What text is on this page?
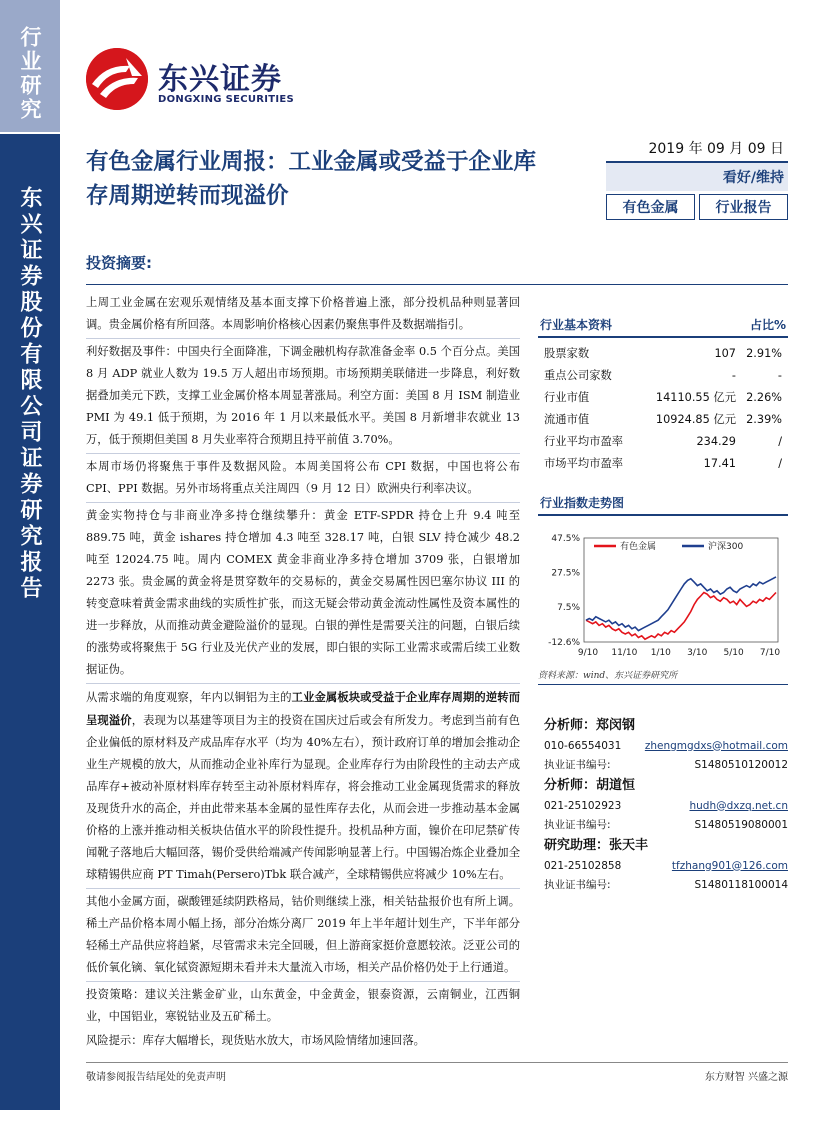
行业研究
东兴证券股份有限公司证券研究报告
东兴证券
DONGXING SECURITIES
有色金属行业周报：工业金属或受益于企业库存周期逆转而现溢价
2019 年 09 月 09 日
看好/维持
有色金属	行业报告
投资摘要:

上周工业金属在宏观乐观情绪及基本面支撑下价格普遍上涨，部分投机品种则显著回调。贵金属价格有所回落。本周影响价格核心因素仍聚焦事件及数据端指引。

利好数据及事件：中国央行全面降准，下调金融机构存款准备金率 0.5 个百分点。美国 8 月 ADP 就业人数为 19.5 万人超出市场预期。市场预期美联储进一步降息，利好数据叠加美元下跌，支撑工业金属价格本周显著涨局。利空方面：美国 8 月 ISM 制造业 PMI 为 49.1 低于预期，为 2016 年 1 月以来最低水平。美国 8 月新增非农就业 13 万，低于预期但美国 8 月失业率符合预期且持平前值 3.70%。

本周市场仍将聚焦于事件及数据风险。本周美国将公布 CPI 数据，中国也将公布 CPI、PPI 数据。另外市场将重点关注周四（9 月 12 日）欧洲央行利率决议。

黄金实物持仓与非商业净多持仓继续攀升：黄金 ETF-SPDR 持仓上升 9.4 吨至 889.75 吨，黄金 ishares 持仓增加 4.3 吨至 328.17 吨，白银 SLV 持仓减少 48.2 吨至 12024.75 吨。周内 COMEX 黄金非商业净多持仓增加 3709 张，白银增加 2273 张。贵金属的黄金将是贯穿数年的交易标的，黄金交易属性因巴塞尔协议 III 的转变意味着黄金需求曲线的实质性扩张，而这无疑会带动黄金流动性属性及资本属性的进一步释放，从而推动黄金避险溢价的显现。白银的弹性是需要关注的问题，白银后续的涨势或将聚焦于 5G 行业及光伏产业的发展，即白银的实际工业需求或需后续工业数据证伪。

从需求端的角度观察，年内以铜铝为主的工业金属板块或受益于企业库存周期的逆转而呈现溢价，表现为以基建等项目为主的投资在国庆过后或会有所发力。考虑到当前有色企业偏低的原材料及产成品库存水平（均为 40%左右），预计政府订单的增加会推动企业生产规模的放大，从而推动企业补库行为显现。企业库存行为由阶段性的主动去产成品库存+被动补原材料库存转至主动补原材料库存，将会推动工业金属现货需求的释放及现货升水的高企，并由此带来基本金属的显性库存去化，从而会进一步推动基本金属价格的上涨并推动相关板块估值水平的阶段性提升。投机品种方面，镍价在印尼禁矿传闻靴子落地后大幅回落，锡价受供给端减产传闻影响显著上行。中国锡冶炼企业叠加全球精锡供应商 PT Timah(Persero)Tbk 联合减产，全球精锡供应将减少 10%左右。

其他小金属方面，碳酸锂延续阴跌格局，钴价则继续上涨，相关钴盐报价也有所上调。稀土产品价格本周小幅上扬，部分冶炼分离厂 2019 年上半年超计划生产，下半年部分轻稀土产品供应将趋紧，尽管需求未完全回暖，但上游商家挺价意愿较浓。泛亚公司的低价氧化镝、氧化铽资源短期未看并未大量流入市场，相关产品价格仍处于上行通道。

投资策略：建议关注紫金矿业，山东黄金，中金黄金，银泰资源，云南铜业，江西铜业，中国铝业，寒锐钴业及五矿稀土。

风险提示：库存大幅增长，现货贴水放大，市场风险情绪加速回落。

行业基本资料	占比%
股票家数	107 2.91%
重点公司家数	-	-
行业市值	14110.55 亿元 2.26%
流通市值	10924.85 亿元 2.39%
行业平均市盈率	234.29	/
市场平均市盈率	17.41	/
行业指数走势图
47.5%
27.5%
7.5%
-12.6%
9/10 11/10 1/10 3/10 5/10 7/10
有色金属	沪深300
资料来源：wind、东兴证券研究所
分析师：郑闵钢
010-66554031 zhengmgdxs@hotmail.com
执业证书编号:	S1480510120012
分析师：胡道恒
021-25102923	hudh@dxzq.net.cn
执业证书编号:	S1480519080001
研究助理：张天丰
021-25102858	tfzhang901@126.com
执业证书编号:	S1480118100014
敬请参阅报告结尾处的免责声明	东方财智 兴盛之源
